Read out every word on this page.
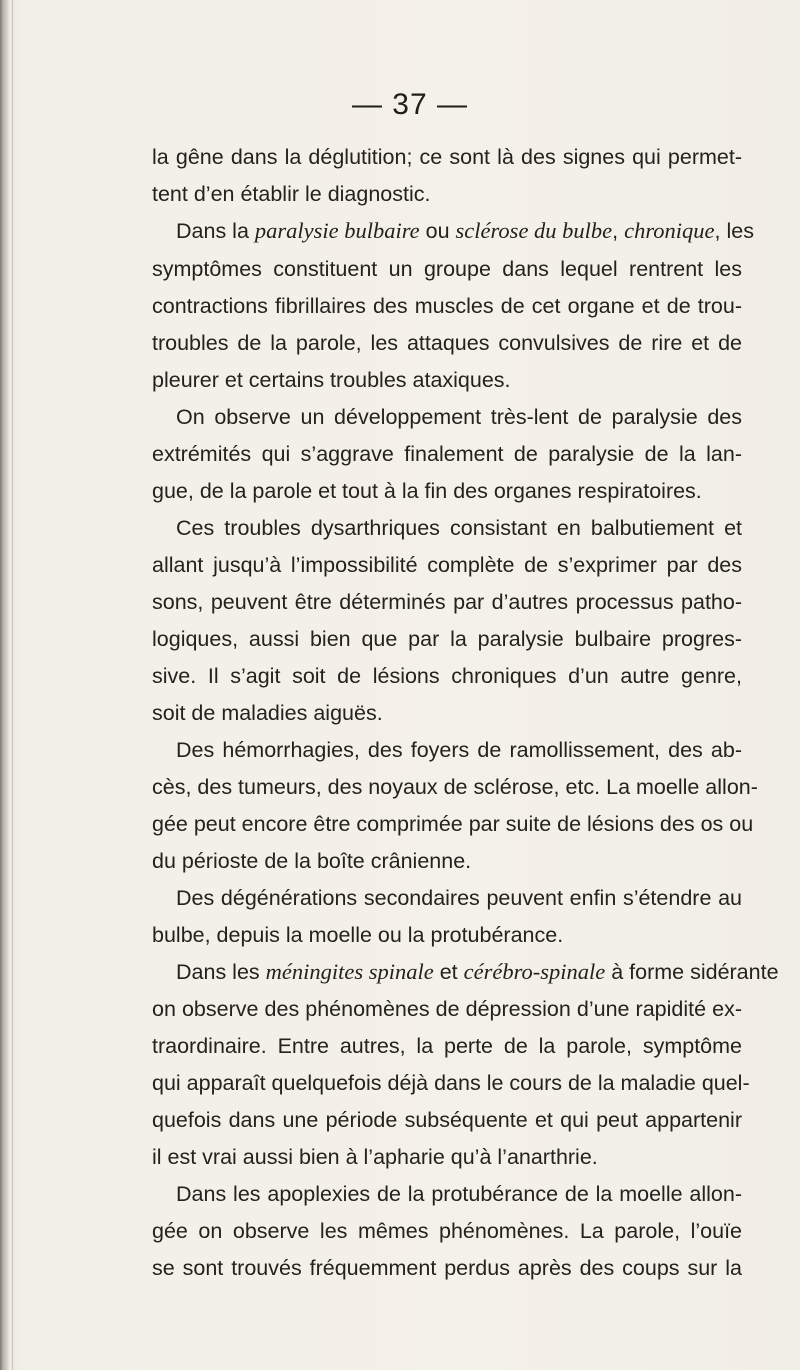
— 37 —
la gêne dans la déglutition; ce sont là des signes qui permet-
tent d’en établir le diagnostic.
Dans la paralysie bulbaire ou sclérose du bulbe, chronique, les
symptômes constituent un groupe dans lequel rentrent les
contractions fibrillaires des muscles de cet organe et de trou-
troubles de la parole, les attaques convulsives de rire et de
pleurer et certains troubles ataxiques.
On observe un développement très-lent de paralysie des
extrémités qui s’aggrave finalement de paralysie de la lan-
gue, de la parole et tout à la fin des organes respiratoires.
Ces troubles dysarthriques consistant en balbutiement et
allant jusqu’à l’impossibilité complète de s’exprimer par des
sons, peuvent être déterminés par d’autres processus patho-
logiques, aussi bien que par la paralysie bulbaire progres-
sive. Il s’agit soit de lésions chroniques d’un autre genre,
soit de maladies aiguës.
Des hémorrhagies, des foyers de ramollissement, des ab-
cès, des tumeurs, des noyaux de sclérose, etc. La moelle allon-
gée peut encore être comprimée par suite de lésions des os ou
du périoste de la boîte crânienne.
Des dégénérations secondaires peuvent enfin s’étendre au
bulbe, depuis la moelle ou la protubérance.
Dans les méningites spinale et cérébro-spinale à forme sidérante
on observe des phénomènes de dépression d’une rapidité ex-
traordinaire. Entre autres, la perte de la parole, symptôme
qui apparaît quelquefois déjà dans le cours de la maladie quel-
quefois dans une période subséquente et qui peut appartenir
il est vrai aussi bien à l’apharie qu’à l’anarthrie.
Dans les apoplexies de la protubérance de la moelle allon-
gée on observe les mêmes phénomènes. La parole, l’ouïe
se sont trouvés fréquemment perdus après des coups sur la
